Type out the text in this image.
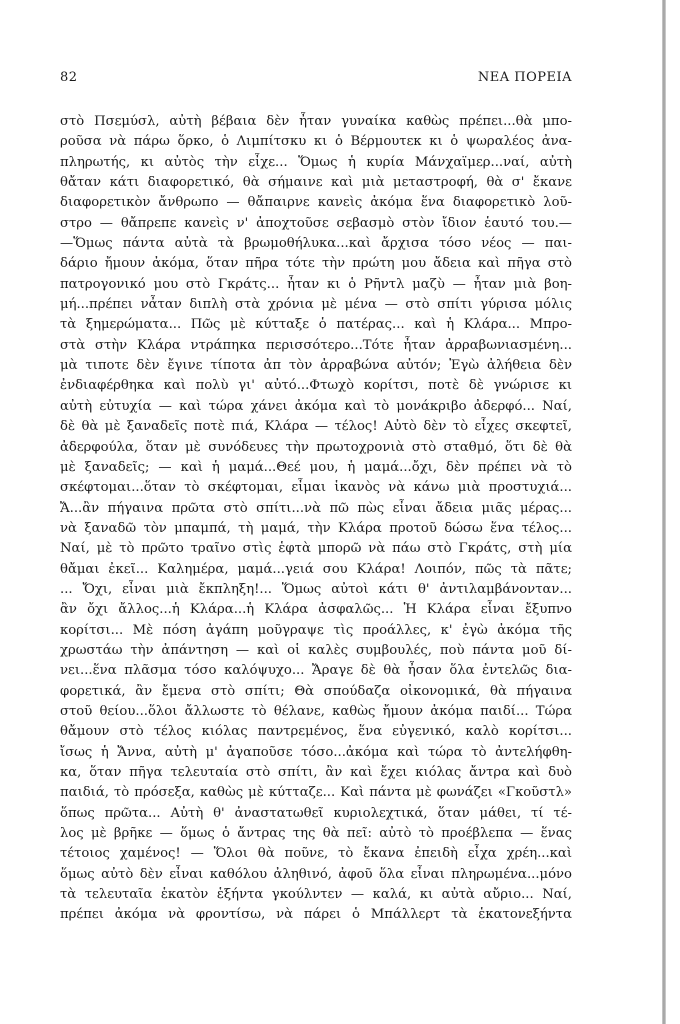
82	ΝΕΑ ΠΟΡΕΙΑ
στὸ Πσεμύσλ, αὐτὴ βέβαια δὲν ἦταν γυναίκα καθὼς πρέπει...θὰ μπο-
ροῦσα νὰ πάρω ὅρκο, ὁ Λιμπίτσκυ κι ὁ Βέρμουτεκ κι ὁ ψωραλέος ἀνα-
πληρωτής, κι αὐτὸς τὴν εἶχε... Ὅμως ἡ κυρία Μάνχαϊμερ...ναί, αὐτὴ
θἄταν κάτι διαφορετικό, θὰ σήμαινε καὶ μιὰ μεταστροφή, θὰ σ' ἔκανε
διαφορετικὸν ἄνθρωπο — θἄπαιρνε κανεὶς ἀκόμα ἕνα διαφορετικὸ λοῦ-
στρο — θἄπρεπε κανεὶς ν' ἀποχτοῦσε σεβασμὸ στὸν ἴδιον ἑαυτό του.—
—Ὅμως πάντα αὐτὰ τὰ βρωμοθήλυκα...καὶ ἄρχισα τόσο νέος — παι-
δάριο ἤμουν ἀκόμα, ὅταν πῆρα τότε τὴν πρώτη μου ἄδεια καὶ πῆγα στὸ
πατρογονικό μου στὸ Γκράτς... ἦταν κι ὁ Ρῆντλ μαζὺ — ἦταν μιὰ βοη-
μή...πρέπει νἆταν διπλὴ στὰ χρόνια μὲ μένα — στὸ σπίτι γύρισα μόλις
τὰ ξημερώματα... Πῶς μὲ κύτταξε ὁ πατέρας... καὶ ἡ Κλάρα... Μπρο-
στὰ στὴν Κλάρα ντράπηκα περισσότερο...Τότε ἦταν ἀρραβωνιασμένη...
μὰ τιποτε δὲν ἔγινε τίποτα ἀπ τὸν ἀρραβώνα αὐτόν; Ἐγὼ ἀλήθεια δὲν
ἐνδιαφέρθηκα καὶ πολὺ γι' αὐτό...Φτωχὸ κορίτσι, ποτὲ δὲ γνώρισε κι
αὐτὴ εὐτυχία — καὶ τώρα χάνει ἀκόμα καὶ τὸ μονάκριβο ἀδερφό... Ναί,
δὲ θὰ μὲ ξαναδεῖς ποτὲ πιά, Κλάρα — τέλος! Αὐτὸ δὲν τὸ εἶχες σκεφτεῖ,
ἀδερφούλα, ὅταν μὲ συνόδευες τὴν πρωτοχρονιὰ στὸ σταθμό, ὅτι δὲ θὰ
μὲ ξαναδεῖς; — καὶ ἡ μαμά...Θεέ μου, ἡ μαμά...ὄχι, δὲν πρέπει νὰ τὸ
σκέφτομαι...ὅταν τὸ σκέφτομαι, εἶμαι ἱκανὸς νὰ κάνω μιὰ προστυχιά...
Ἄ...ἂν πήγαινα πρῶτα στὸ σπίτι...νὰ πῶ πὼς εἶναι ἄδεια μιᾶς μέρας...
νὰ ξαναδῶ τὸν μπαμπά, τὴ μαμά, τὴν Κλάρα προτοῦ δώσω ἕνα τέλος...
Ναί, μὲ τὸ πρῶτο τραῖνο στὶς ἑφτὰ μπορῶ νὰ πάω στὸ Γκράτς, στὴ μία
θἄμαι ἐκεῖ... Καλημέρα, μαμά...γειά σου Κλάρα! Λοιπόν, πῶς τὰ πᾶτε;
... Ὄχι, εἶναι μιὰ ἔκπληξη!... Ὅμως αὐτοὶ κάτι θ' ἀντιλαμβάνονταν...
ἂν ὄχι ἄλλος...ἡ Κλάρα...ἡ Κλάρα ἀσφαλῶς... Ἡ Κλάρα εἶναι ἔξυπνο
κορίτσι... Μὲ πόση ἀγάπη μοῦγραψε τὶς προάλλες, κ' ἐγὼ ἀκόμα τῆς
χρωστάω τὴν ἀπάντηση — καὶ οἱ καλὲς συμβουλές, ποὺ πάντα μοῦ δί-
νει...ἕνα πλᾶσμα τόσο καλόψυχο... Ἄραγε δὲ θὰ ἦσαν ὅλα ἐντελῶς δια-
φορετικά, ἂν ἔμενα στὸ σπίτι; Θὰ σπούδαζα οἰκονομικά, θὰ πήγαινα
στοῦ θείου...ὅλοι ἄλλωστε τὸ θέλανε, καθὼς ἤμουν ἀκόμα παιδί... Τώρα
θἄμουν στὸ τέλος κιόλας παντρεμένος, ἕνα εὐγενικό, καλὸ κορίτσι...
ἴσως ἡ Ἄννα, αὐτὴ μ' ἀγαποῦσε τόσο...ἀκόμα καὶ τώρα τὸ ἀντελήφθη-
κα, ὅταν πῆγα τελευταία στὸ σπίτι, ἂν καὶ ἔχει κιόλας ἄντρα καὶ δυὸ
παιδιά, τὸ πρόσεξα, καθὼς μὲ κύτταζε... Καὶ πάντα μὲ φωνάζει «Γκοῦστλ»
ὅπως πρῶτα... Αὐτὴ θ' ἀναστατωθεῖ κυριολεχτικά, ὅταν μάθει, τί τέ-
λος μὲ βρῆκε — ὅμως ὁ ἄντρας της θὰ πεῖ: αὐτὸ τὸ προέβλεπα — ἕνας
τέτοιος χαμένος! — Ὅλοι θὰ ποῦνε, τὸ ἔκανα ἐπειδὴ εἶχα χρέη...καὶ
ὅμως αὐτὸ δὲν εἶναι καθόλου ἀληθινό, ἀφοῦ ὅλα εἶναι πληρωμένα...μόνο
τὰ τελευταῖα ἑκατὸν ἑξήντα γκούλντεν — καλά, κι αὐτὰ αὔριο... Ναί,
πρέπει ἀκόμα νὰ φροντίσω, νὰ πάρει ὁ Μπάλλερτ τὰ ἑκατονεξήντα
